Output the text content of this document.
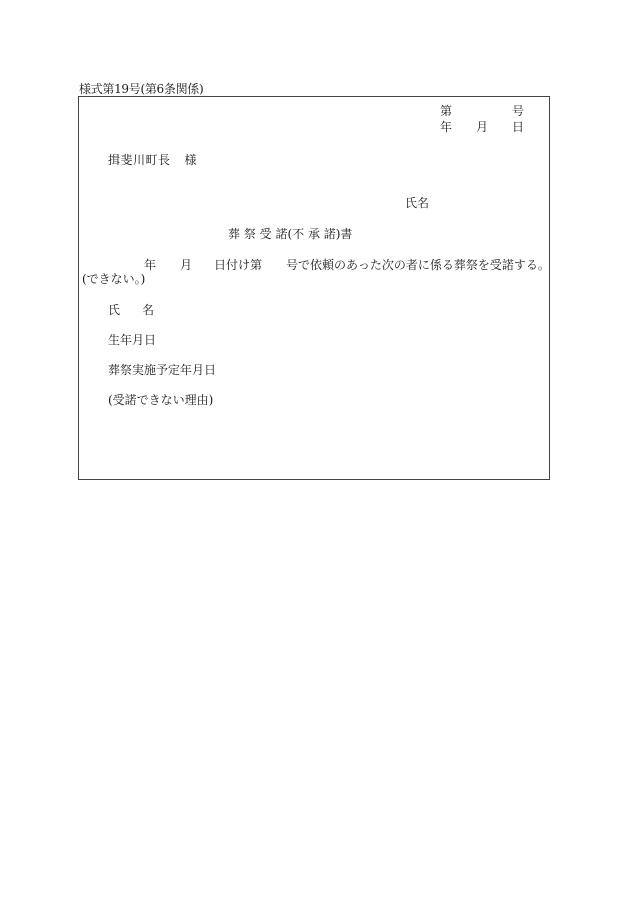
様式第19号(第6条関係)
第	号
年 月 日
揖斐川町長 様
氏名
葬 祭 受 諾(不 承 諾)書
年 月 日付け第 号で依頼のあった次の者に係る葬祭を受諾する。
(できない。)
氏 名
生年月日
葬祭実施予定年月日
(受諾できない理由)
